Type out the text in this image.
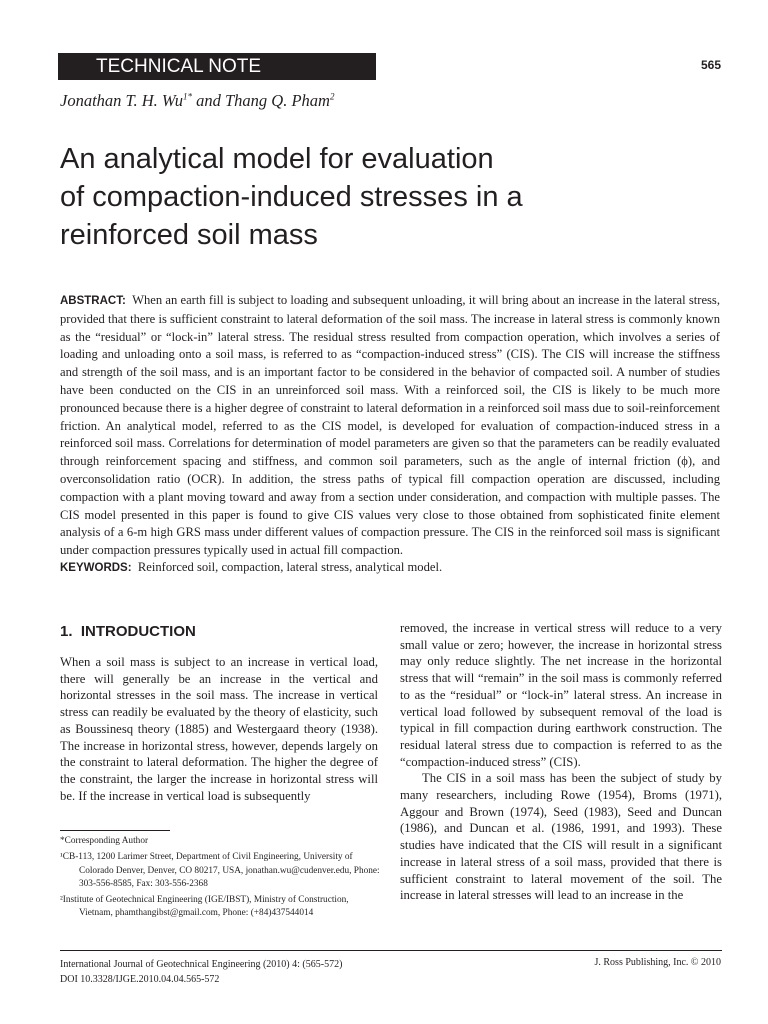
TECHNICAL NOTE	565
Jonathan T. H. $Wu^{1*}$ and Thang Q. Pham$^2$
An analytical model for evaluation
of compaction-induced stresses in a
reinforced soil mass

ABSTRACT: When an earth fill is subject to loading and subsequent unloading, it will bring about an increase in the lateral stress, provided that there is sufficient constraint to lateral deformation of the soil mass. The increase in lateral stress is commonly known as the “residual” or “lock-in” lateral stress. The residual stress resulted from compaction operation, which involves a series of loading and unloading onto a soil mass, is referred to as “compaction-induced stress” (CIS). The CIS will increase the stiffness and strength of the soil mass, and is an important factor to be considered in the behavior of compacted soil. A number of studies have been conducted on the CIS in an unreinforced soil mass. With a reinforced soil, the CIS is likely to be much more pronounced because there is a higher degree of constraint to lateral deformation in a reinforced soil mass due to soil-reinforcement friction. An analytical model, referred to as the CIS model, is developed for evaluation of compaction-induced stress in a reinforced soil mass. Correlations for determination of model parameters are given so that the parameters can be readily evaluated through reinforcement spacing and stiffness, and common soil parameters, such as the angle of internal friction (ϕ), and overconsolidation ratio (OCR). In addition, the stress paths of typical fill compaction operation are discussed, including compaction with a plant moving toward and away from a section under consideration, and compaction with multiple passes. The CIS model presented in this paper is found to give CIS values very close to those obtained from sophisticated finite element analysis of a 6-m high GRS mass under different values of compaction pressure. The CIS in the reinforced soil mass is significant under compaction pressures typically used in actual fill compaction.

KEYWORDS: Reinforced soil, compaction, lateral stress, analytical model.
1.  INTRODUCTION

When a soil mass is subject to an increase in vertical load, there will generally be an increase in the vertical and horizontal stresses in the soil mass. The increase in vertical stress can readily be evaluated by the theory of elasticity, such as Boussinesq theory (1885) and Westergaard theory (1938). The increase in horizontal stress, however, depends largely on the constraint to lateral deformation. The higher the degree of the constraint, the larger the increase in horizontal stress will be. If the increase in vertical load is subsequently

removed, the increase in vertical stress will reduce to a very small value or zero; however, the increase in horizontal stress may only reduce slightly. The net increase in the horizontal stress that will “remain” in the soil mass is commonly referred to as the “residual” or “lock-in” lateral stress. An increase in vertical load followed by subsequent removal of the load is typical in fill compaction during earthwork construction. The residual lateral stress due to compaction is referred to as the “compaction-induced stress” (CIS).

The CIS in a soil mass has been the subject of study by many researchers, including Rowe (1954), Broms (1971), Aggour and Brown (1974), Seed (1983), Seed and Duncan (1986), and Duncan et al. (1986, 1991, and 1993). These studies have indicated that the CIS will result in a significant increase in lateral stress of a soil mass, provided that there is sufficient constraint to lateral movement of the soil. The increase in lateral stresses will lead to an increase in the

*Corresponding Author

¹CB-113, 1200 Larimer Street, Department of Civil Engineering, University of Colorado Denver, Denver, CO 80217, USA, jonathan.wu@cudenver.edu, Phone: 303-556-8585, Fax: 303-556-2368

²Institute of Geotechnical Engineering (IGE/IBST), Ministry of Construction, Vietnam, phamthangibst@gmail.com, Phone: (+84)437544014

International Journal of Geotechnical Engineering (2010) 4: (565-572)
DOI 10.3328/IJGE.2010.04.04.565-572
J. Ross Publishing, Inc. © 2010
